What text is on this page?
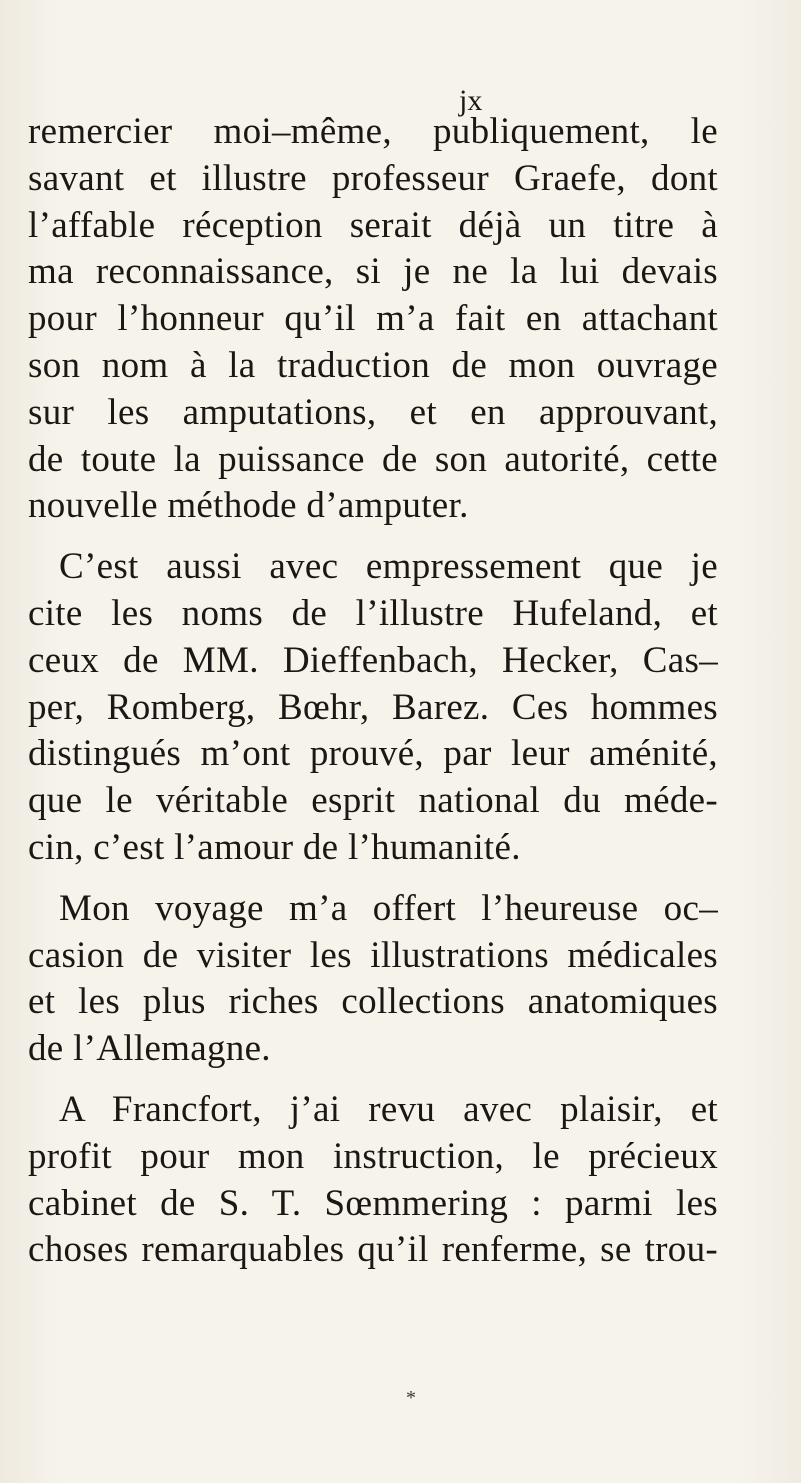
jx
remercier moi–même, publiquement, le
savant et illustre professeur Graefe, dont
l’affable réception serait déjà un titre à
ma reconnaissance, si je ne la lui devais
pour l’honneur qu’il m’a fait en attachant
son nom à la traduction de mon ouvrage
sur les amputations, et en approuvant,
de toute la puissance de son autorité, cette
nouvelle méthode d’amputer.
C’est aussi avec empressement que je
cite les noms de l’illustre Hufeland, et
ceux de MM. Dieffenbach, Hecker, Cas–
per, Romberg, Bœhr, Barez. Ces hommes
distingués m’ont prouvé, par leur aménité,
que le véritable esprit national du méde-
cin, c’est l’amour de l’humanité.
Mon voyage m’a offert l’heureuse oc–
casion de visiter les illustrations médicales
et les plus riches collections anatomiques
de l’Allemagne.
A Francfort, j’ai revu avec plaisir, et
profit pour mon instruction, le précieux
cabinet de S. T. Sœmmering : parmi les
choses remarquables qu’il renferme, se trou-
*
